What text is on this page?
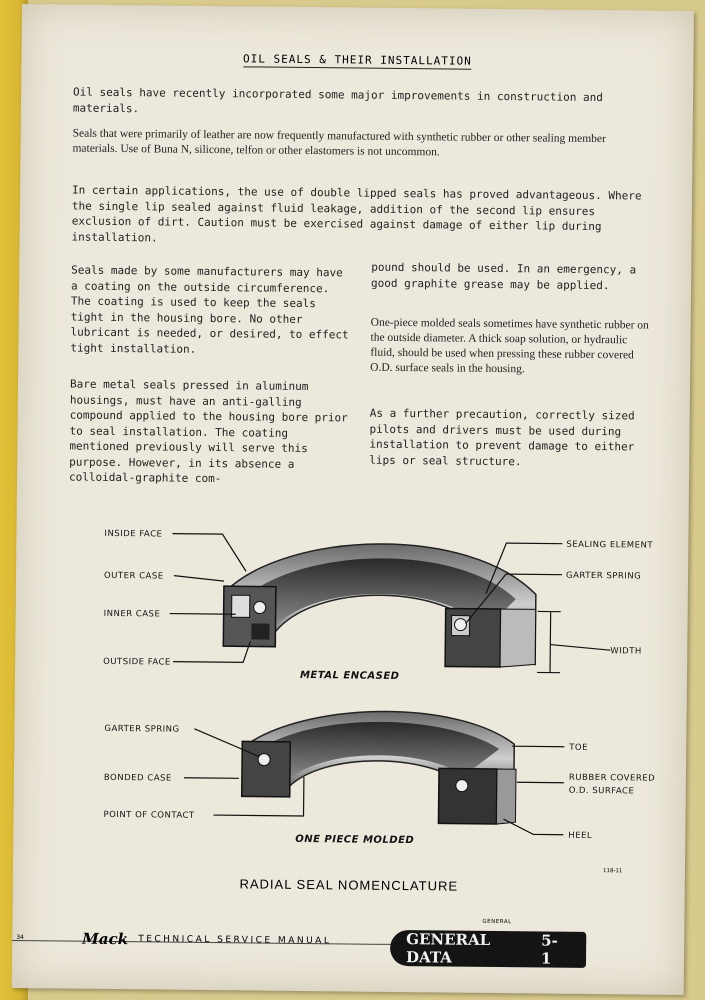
OIL SEALS & THEIR INSTALLATION

Oil seals have recently incorporated some major improvements in construction and materials.

Seals that were primarily of leather are now frequently manufactured with synthetic rubber or other sealing member materials. Use of Buna N, silicone, telfon or other elastomers is not uncommon.

In certain applications, the use of double lipped seals has proved advantageous. Where the single lip sealed against fluid leakage, addition of the second lip ensures exclusion of dirt. Caution must be exercised against damage of either lip during installation.

Seals made by some manufacturers may have a coating on the outside circumference. The coating is used to keep the seals tight in the housing bore. No other lubricant is needed, or desired, to effect tight installation.

Bare metal seals pressed in aluminum housings, must have an anti-galling compound applied to the housing bore prior to seal installation. The coating mentioned previously will serve this purpose. However, in its absence a colloidal-graphite com-

pound should be used. In an emergency, a good graphite grease may be applied.

One-piece molded seals sometimes have synthetic rubber on the outside diameter. A thick soap solution, or hydraulic fluid, should be used when pressing these rubber covered O.D. surface seals in the housing.

As a further precaution, correctly sized pilots and drivers must be used during installation to prevent damage to either lips or seal structure.

INSIDE FACE
OUTER CASE
INNER CASE
OUTSIDE FACE
SEALING ELEMENT
GARTER SPRING
WIDTH
METAL ENCASED
GARTER SPRING
BONDED CASE
POINT OF CONTACT
TOE
RUBBER COVERED
O.D. SURFACE
HEEL
ONE PIECE MOLDED
118-11
RADIAL SEAL NOMENCLATURE
34	Mack TECHNICAL SERVICE MANUAL
GENERAL
GENERAL DATA
5-1
